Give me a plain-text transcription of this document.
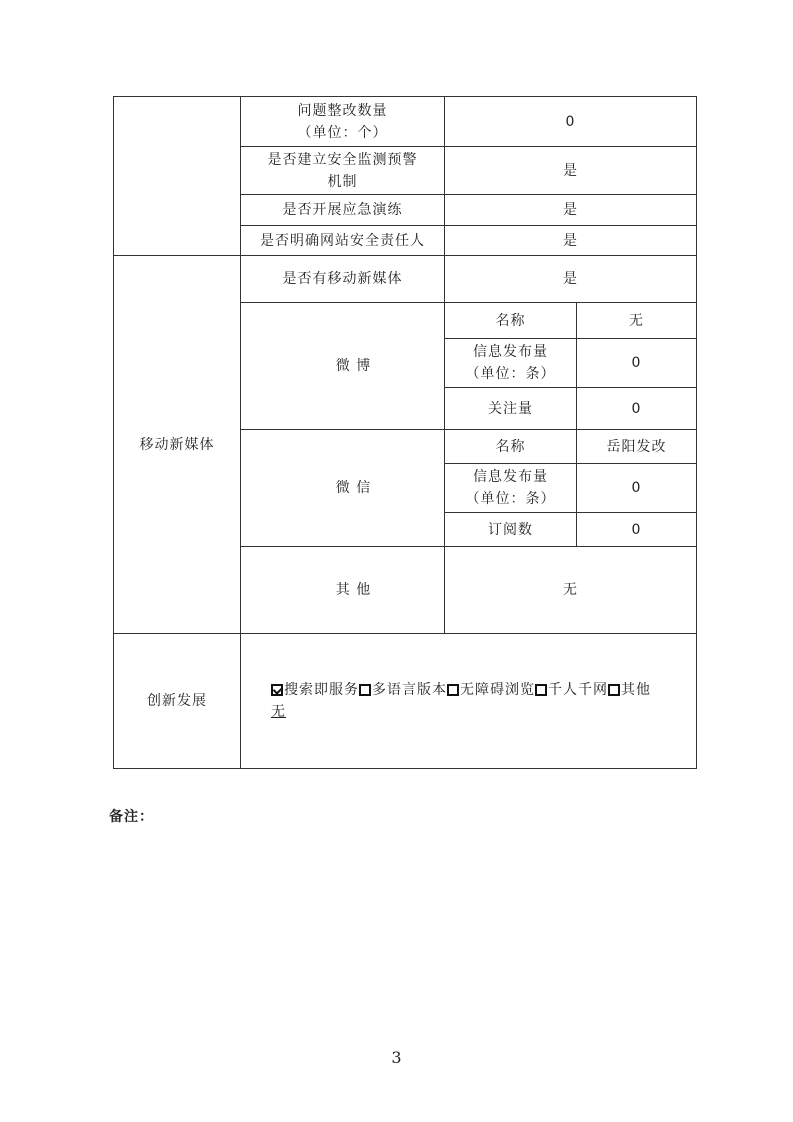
	问题整改数量
（单位：个）	0	

	是否建立安全监测预警
机制	是	
	是否开展应急演练	是	
	是否明确网站安全责任人	是	
移动新媒体	是否有移动新媒体	是	
	微 博	名称	无

		信息发布量
（单位：条）	0
		关注量	0
	微 信	名称	岳阳发改

		信息发布量
（单位：条）	0
		订阅数	0
	其 他	无	
创新发展	搜索即服务 多语言版本 无障碍浏览 千人千网 其他
无		
备注：
3
